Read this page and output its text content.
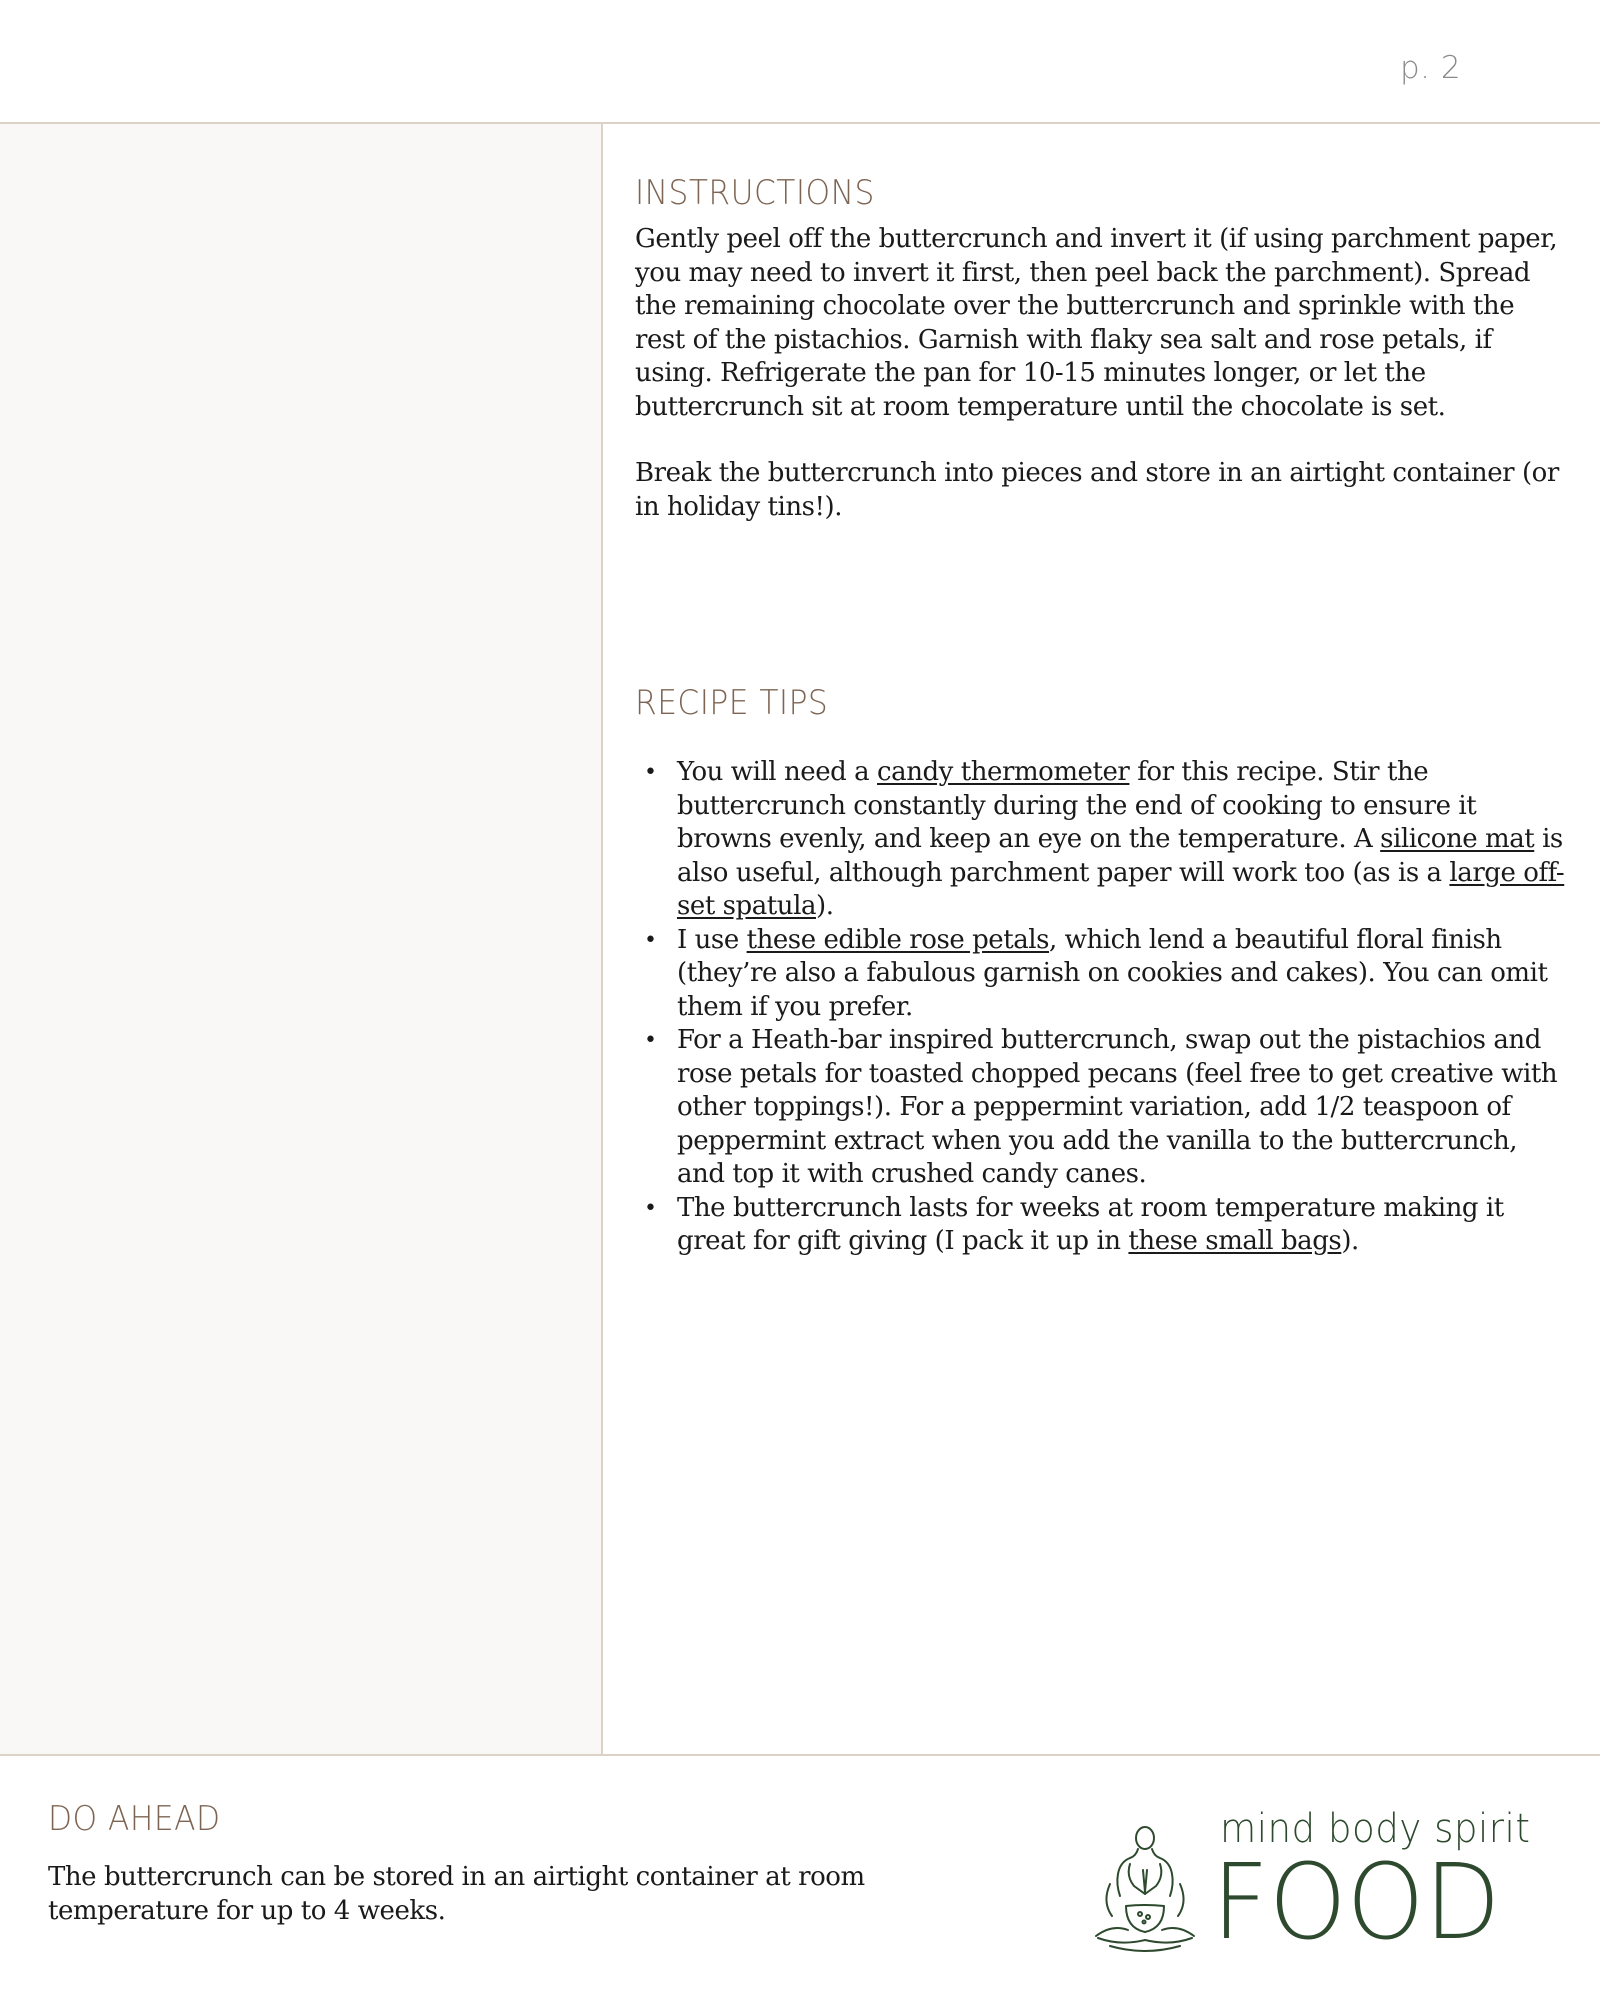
p. 2
INSTRUCTIONS

Gently peel off the buttercrunch and invert it (if using parchment paper, you may need to invert it first, then peel back the parchment). Spread the remaining chocolate over the buttercrunch and sprinkle with the rest of the pistachios. Garnish with flaky sea salt and rose petals, if using. Refrigerate the pan for 10-15 minutes longer, or let the buttercrunch sit at room temperature until the chocolate is set.

Break the buttercrunch into pieces and store in an airtight container (or in holiday tins!).

RECIPE TIPS
• You will need a candy thermometer for this recipe. Stir the buttercrunch constantly during the end of cooking to ensure it browns evenly, and keep an eye on the temperature. A silicone mat is also useful, although parchment paper will work too (as is a large off-set spatula).
• I use these edible rose petals, which lend a beautiful floral finish (they’re also a fabulous garnish on cookies and cakes). You can omit them if you prefer.
• For a Heath-bar inspired buttercrunch, swap out the pistachios and rose petals for toasted chopped pecans (feel free to get creative with other toppings!). For a peppermint variation, add 1/2 teaspoon of peppermint extract when you add the vanilla to the buttercrunch, and top it with crushed candy canes.
• The buttercrunch lasts for weeks at room temperature making it great for gift giving (I pack it up in these small bags).
DO AHEAD

The buttercrunch can be stored in an airtight container at room temperature for up to 4 weeks.

mind body spirit
FOOD
